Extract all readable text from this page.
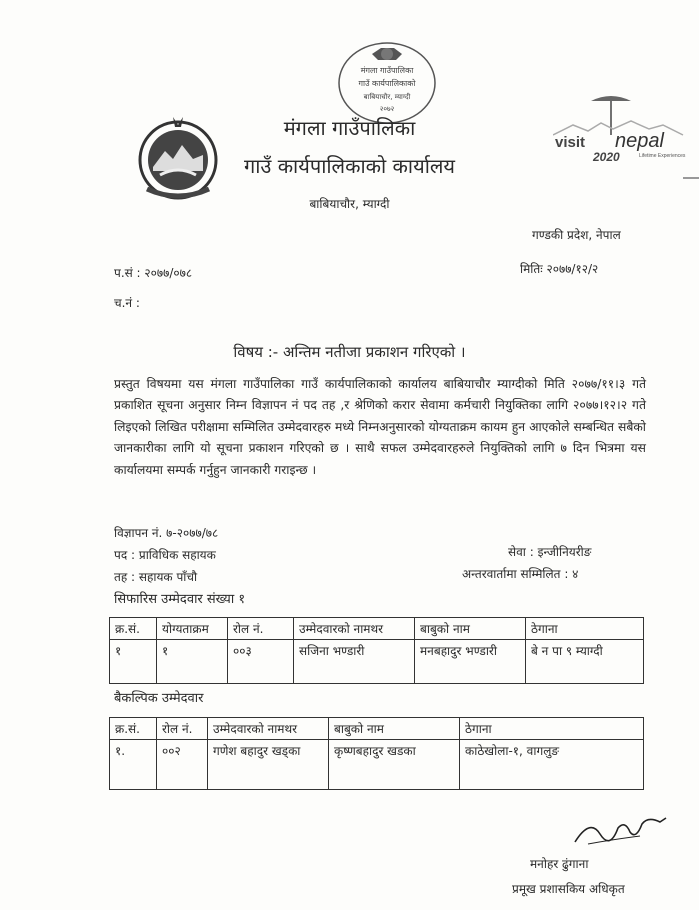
मंगला गाउँपालिका
गाउँ कार्यपालिकाको
बाबियाचौर, म्याग्दी
२०७२
visit nepal
2020	Lifetime Experiences
मंगला गाउँपालिका
गाउँ कार्यपालिकाको कार्यालय
बाबियाचौर, म्याग्दी
गण्डकी प्रदेश, नेपाल
प.सं : २०७७/०७८	मितिः २०७७/१२/२
च.नं :
विषय :- अन्तिम नतीजा प्रकाशन गरिएको ।
प्रस्तुत विषयमा यस मंगला गाउँपालिका गाउँ कार्यपालिकाको कार्यालय बाबियाचौर म्याग्दीको मिति २०७७/११।३ गते प्रकाशित सूचना अनुसार निम्न विज्ञापन नं पद तह ,र श्रेणिको करार सेवामा कर्मचारी नियुक्तिका लागि २०७७।१२।२ गते लिइएको लिखित परीक्षामा सम्मिलित उम्मेदवारहरु मध्ये निम्नअनुसारको योग्यताक्रम कायम हुन आएकोले सम्बन्धित सबैको जानकारीका लागि यो सूचना प्रकाशन गरिएको छ । साथै सफल उम्मेदवारहरुले नियुक्तिको लागि ७ दिन भित्रमा यस कार्यालयमा सम्पर्क गर्नुहुन जानकारी गराइन्छ ।
विज्ञापन नं. ७-२०७७/७८
पद : प्राविधिक सहायक	सेवा : इन्जीनियरीङ
तह : सहायक पाँचौ	अन्तरवार्तामा सम्मिलित : ४
सिफारिस उम्मेदवार संख्या १
क्र.सं.	योग्यताक्रम	रोल नं.	उम्मेदवारको नामथर	बाबुको नाम	ठेगाना
१	१	००३	सजिना भण्डारी	मनबहादुर भण्डारी	बे न पा ९ म्याग्दी
बैकल्पिक उम्मेदवार
क्र.सं.	रोल नं.	उम्मेदवारको नामथर	बाबुको नाम	ठेगाना
१.	००२	गणेश बहादुर खड्का	कृष्णबहादुर खडका	काठेखोला-१, वागलुङ
मनोहर ढुंगाना
प्रमूख प्रशासकिय अधिकृत
